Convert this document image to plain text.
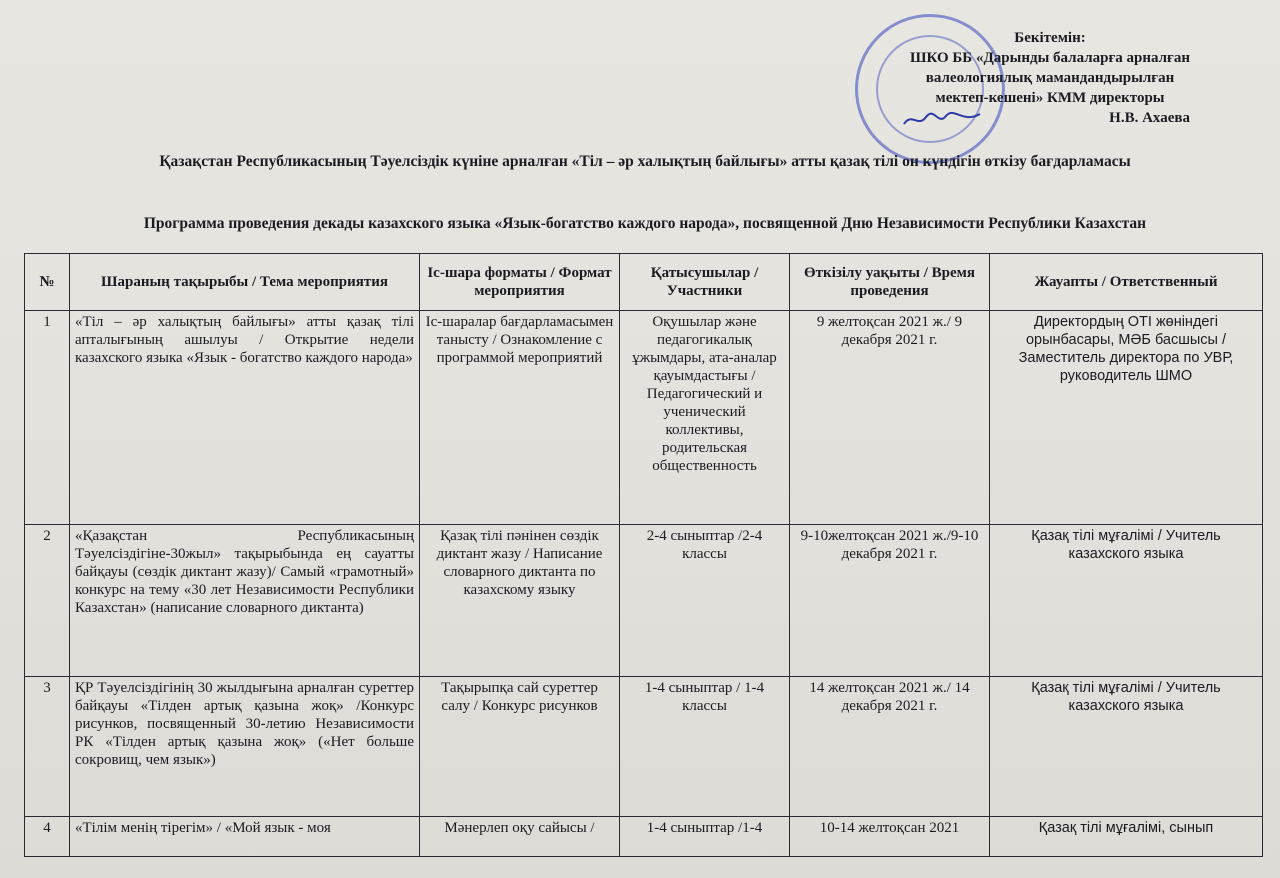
Бекітемін:
ШКО ББ «Дарынды балаларға арналған
валеологиялық мамандандырылған
мектеп-кешені» КММ директоры
Н.В. Ахаева
Қазақстан Республикасының Тәуелсіздік күніне арналған «Тіл – әр халықтың байлығы» атты қазақ тілі он күндігін өткізу бағдарламасы
Программа проведения декады казахского языка «Язык-богатство каждого народа», посвященной Дню Независимости Республики Казахстан
№	Шараның тақырыбы / Тема мероприятия	Іс-шара форматы / Формат мероприятия	Қатысушылар / Участники	Өткізілу уақыты / Время проведения	Жауапты / Ответственный
1	«Тіл – әр халықтың байлығы» атты қазақ тілі апталығының ашылуы / Открытие недели казахского языка «Язык - богатство каждого народа»	Іс-шаралар бағдарламасымен танысту / Ознакомление с программой мероприятий	Оқушылар және педагогикалық ұжымдары, ата-аналар қауымдастығы / Педагогический и ученический коллективы, родительская общественность	9 желтоқсан 2021 ж./ 9 декабря 2021 г.	Директордың ОТІ жөніндегі орынбасары, МӘБ басшысы / Заместитель директора по УВР, руководитель ШМО
2	«Қазақстан Республикасының Тәуелсіздігіне-30жыл» тақырыбында ең сауатты байқауы (сөздік диктант жазу)/ Самый «грамотный» конкурс на тему «30 лет Независимости Республики Казахстан» (написание словарного диктанта)	Қазақ тілі пәнінен сөздік диктант жазу / Написание словарного диктанта по казахскому языку	2-4 сыныптар /2-4 классы	9-10желтоқсан 2021 ж./9-10 декабря 2021 г.	Қазақ тілі мұғалімі / Учитель казахского языка
3	ҚР Тәуелсіздігінің 30 жылдығына арналған суреттер байқауы «Тілден артық қазына жоқ» /Конкурс рисунков, посвященный 30-летию Независимости РК «Тілден артық қазына жоқ» («Нет больше сокровищ, чем язык»)	Тақырыпқа сай суреттер салу / Конкурс рисунков	1-4 сыныптар / 1-4 классы	14 желтоқсан 2021 ж./ 14 декабря 2021 г.	Қазақ тілі мұғалімі / Учитель казахского языка
4	«Тілім менің тірегім» / «Мой язык - моя	Мәнерлеп оқу сайысы /	1-4 сыныптар /1-4	10-14 желтоқсан 2021	Қазақ тілі мұғалімі, сынып
